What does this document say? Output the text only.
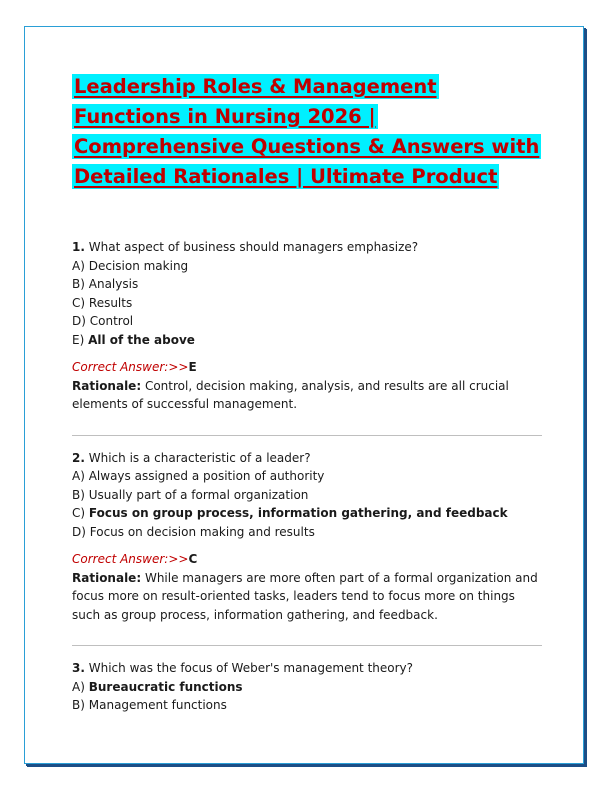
Leadership Roles & Management
Functions in Nursing 2026 |
Comprehensive Questions & Answers with
Detailed Rationales | Ultimate Product

1. What aspect of business should managers emphasize?

A) Decision making

B) Analysis

C) Results

D) Control

E) All of the above

Correct Answer:>>E

Rationale: Control, decision making, analysis, and results are all crucial elements of successful management.

2. Which is a characteristic of a leader?

A) Always assigned a position of authority

B) Usually part of a formal organization

C) Focus on group process, information gathering, and feedback

D) Focus on decision making and results

Correct Answer:>>C

Rationale: While managers are more often part of a formal organization and focus more on result-oriented tasks, leaders tend to focus more on things such as group process, information gathering, and feedback.

3. Which was the focus of Weber's management theory?

A) Bureaucratic functions

B) Management functions
